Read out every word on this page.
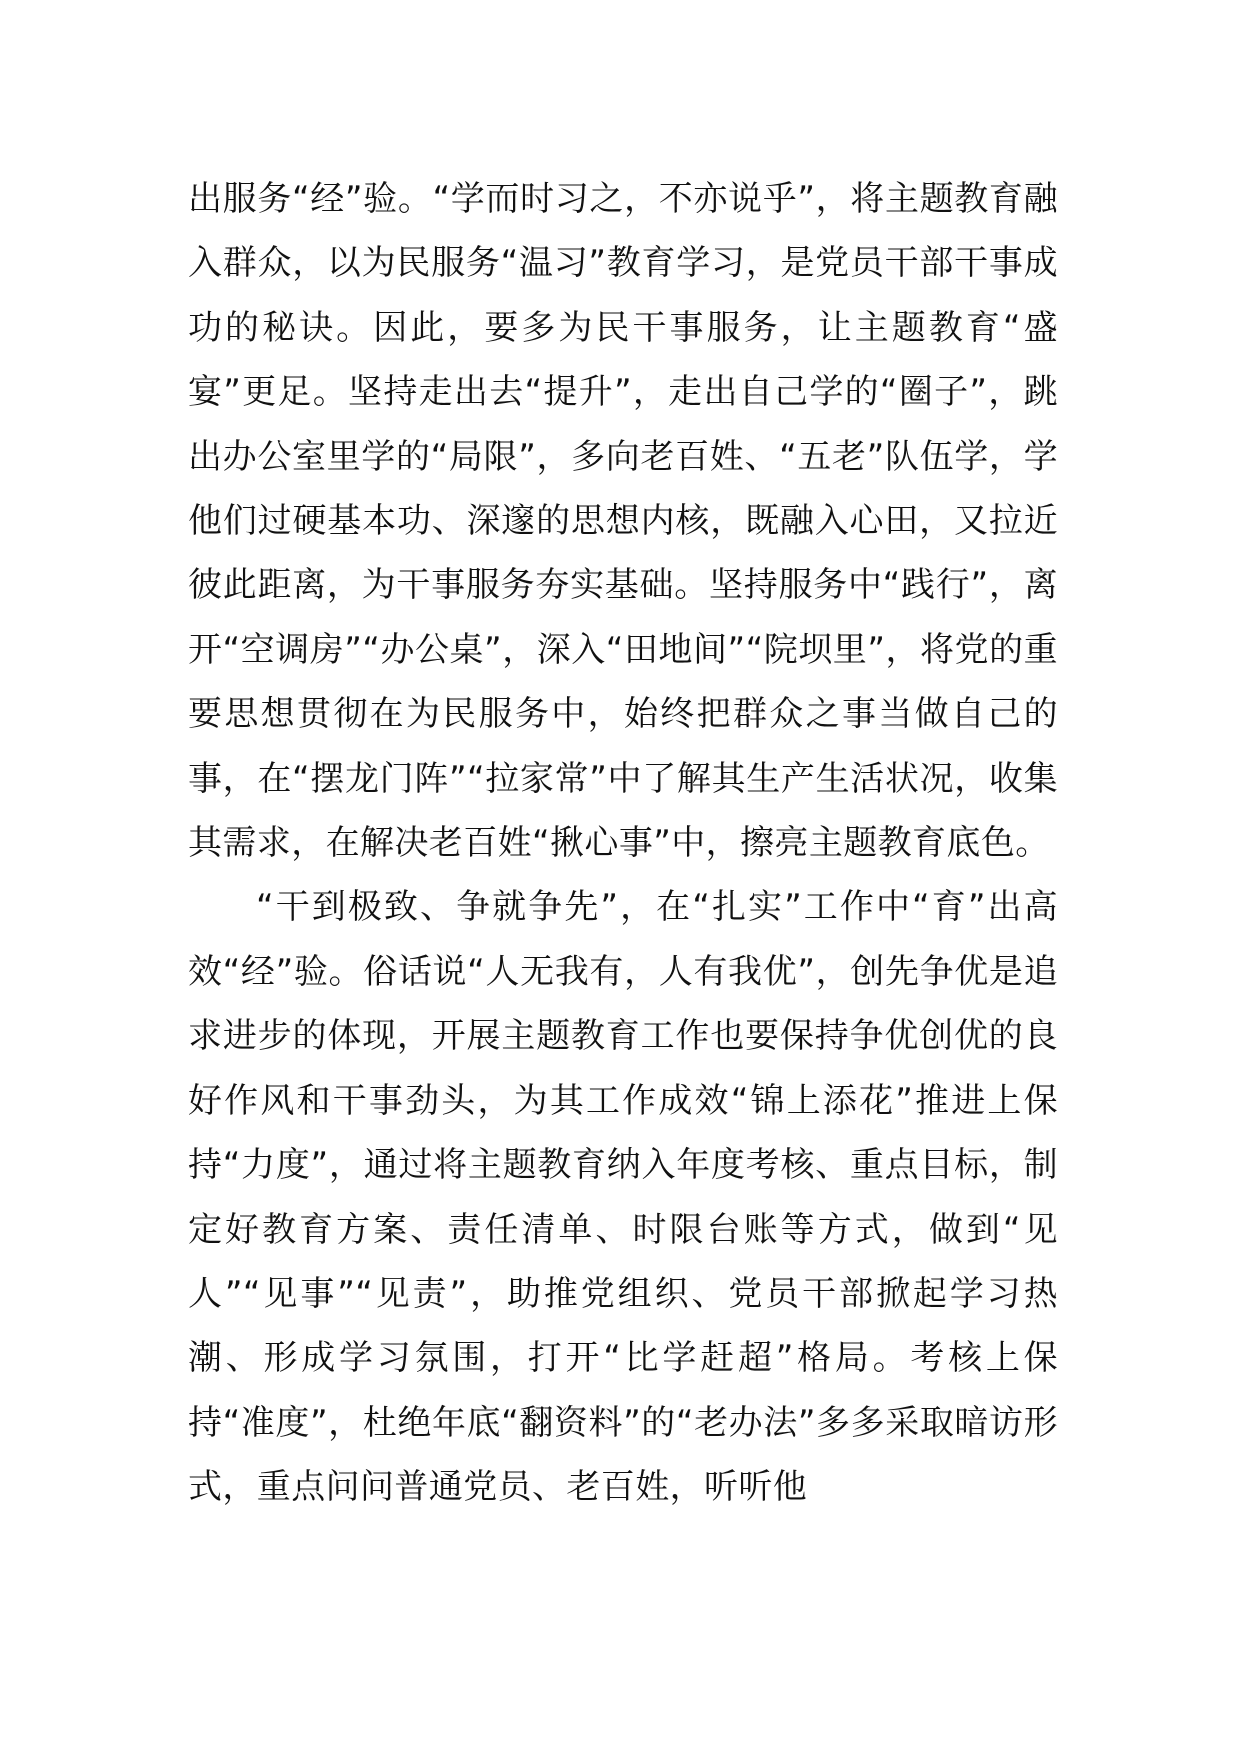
出服务“经”验。“学而时习之，不亦说乎”，将主题教育融入群众，以为民服务“温习”教育学习，是党员干部干事成功的秘诀。因此，要多为民干事服务，让主题教育“盛宴”更足。坚持走出去“提升”，走出自己学的“圈子”，跳出办公室里学的“局限”，多向老百姓、“五老”队伍学，学他们过硬基本功、深邃的思想内核，既融入心田，又拉近彼此距离，为干事服务夯实基础。坚持服务中“践行”，离开“空调房”“办公桌”，深入“田地间”“院坝里”，将党的重要思想贯彻在为民服务中，始终把群众之事当做自己的事，在“摆龙门阵”“拉家常”中了解其生产生活状况，收集其需求，在解决老百姓“揪心事”中，擦亮主题教育底色。

“干到极致、争就争先”，在“扎实”工作中“育”出高效“经”验。俗话说“人无我有，人有我优”，创先争优是追求进步的体现，开展主题教育工作也要保持争优创优的良好作风和干事劲头，为其工作成效“锦上添花”推进上保持“力度”，通过将主题教育纳入年度考核、重点目标，制定好教育方案、责任清单、时限台账等方式，做到“见人”“见事”“见责”，助推党组织、党员干部掀起学习热潮、形成学习氛围，打开“比学赶超”格局。考核上保持“准度”，杜绝年底“翻资料”的“老办法”多多采取暗访形式，重点问问普通党员、老百姓，听听他
